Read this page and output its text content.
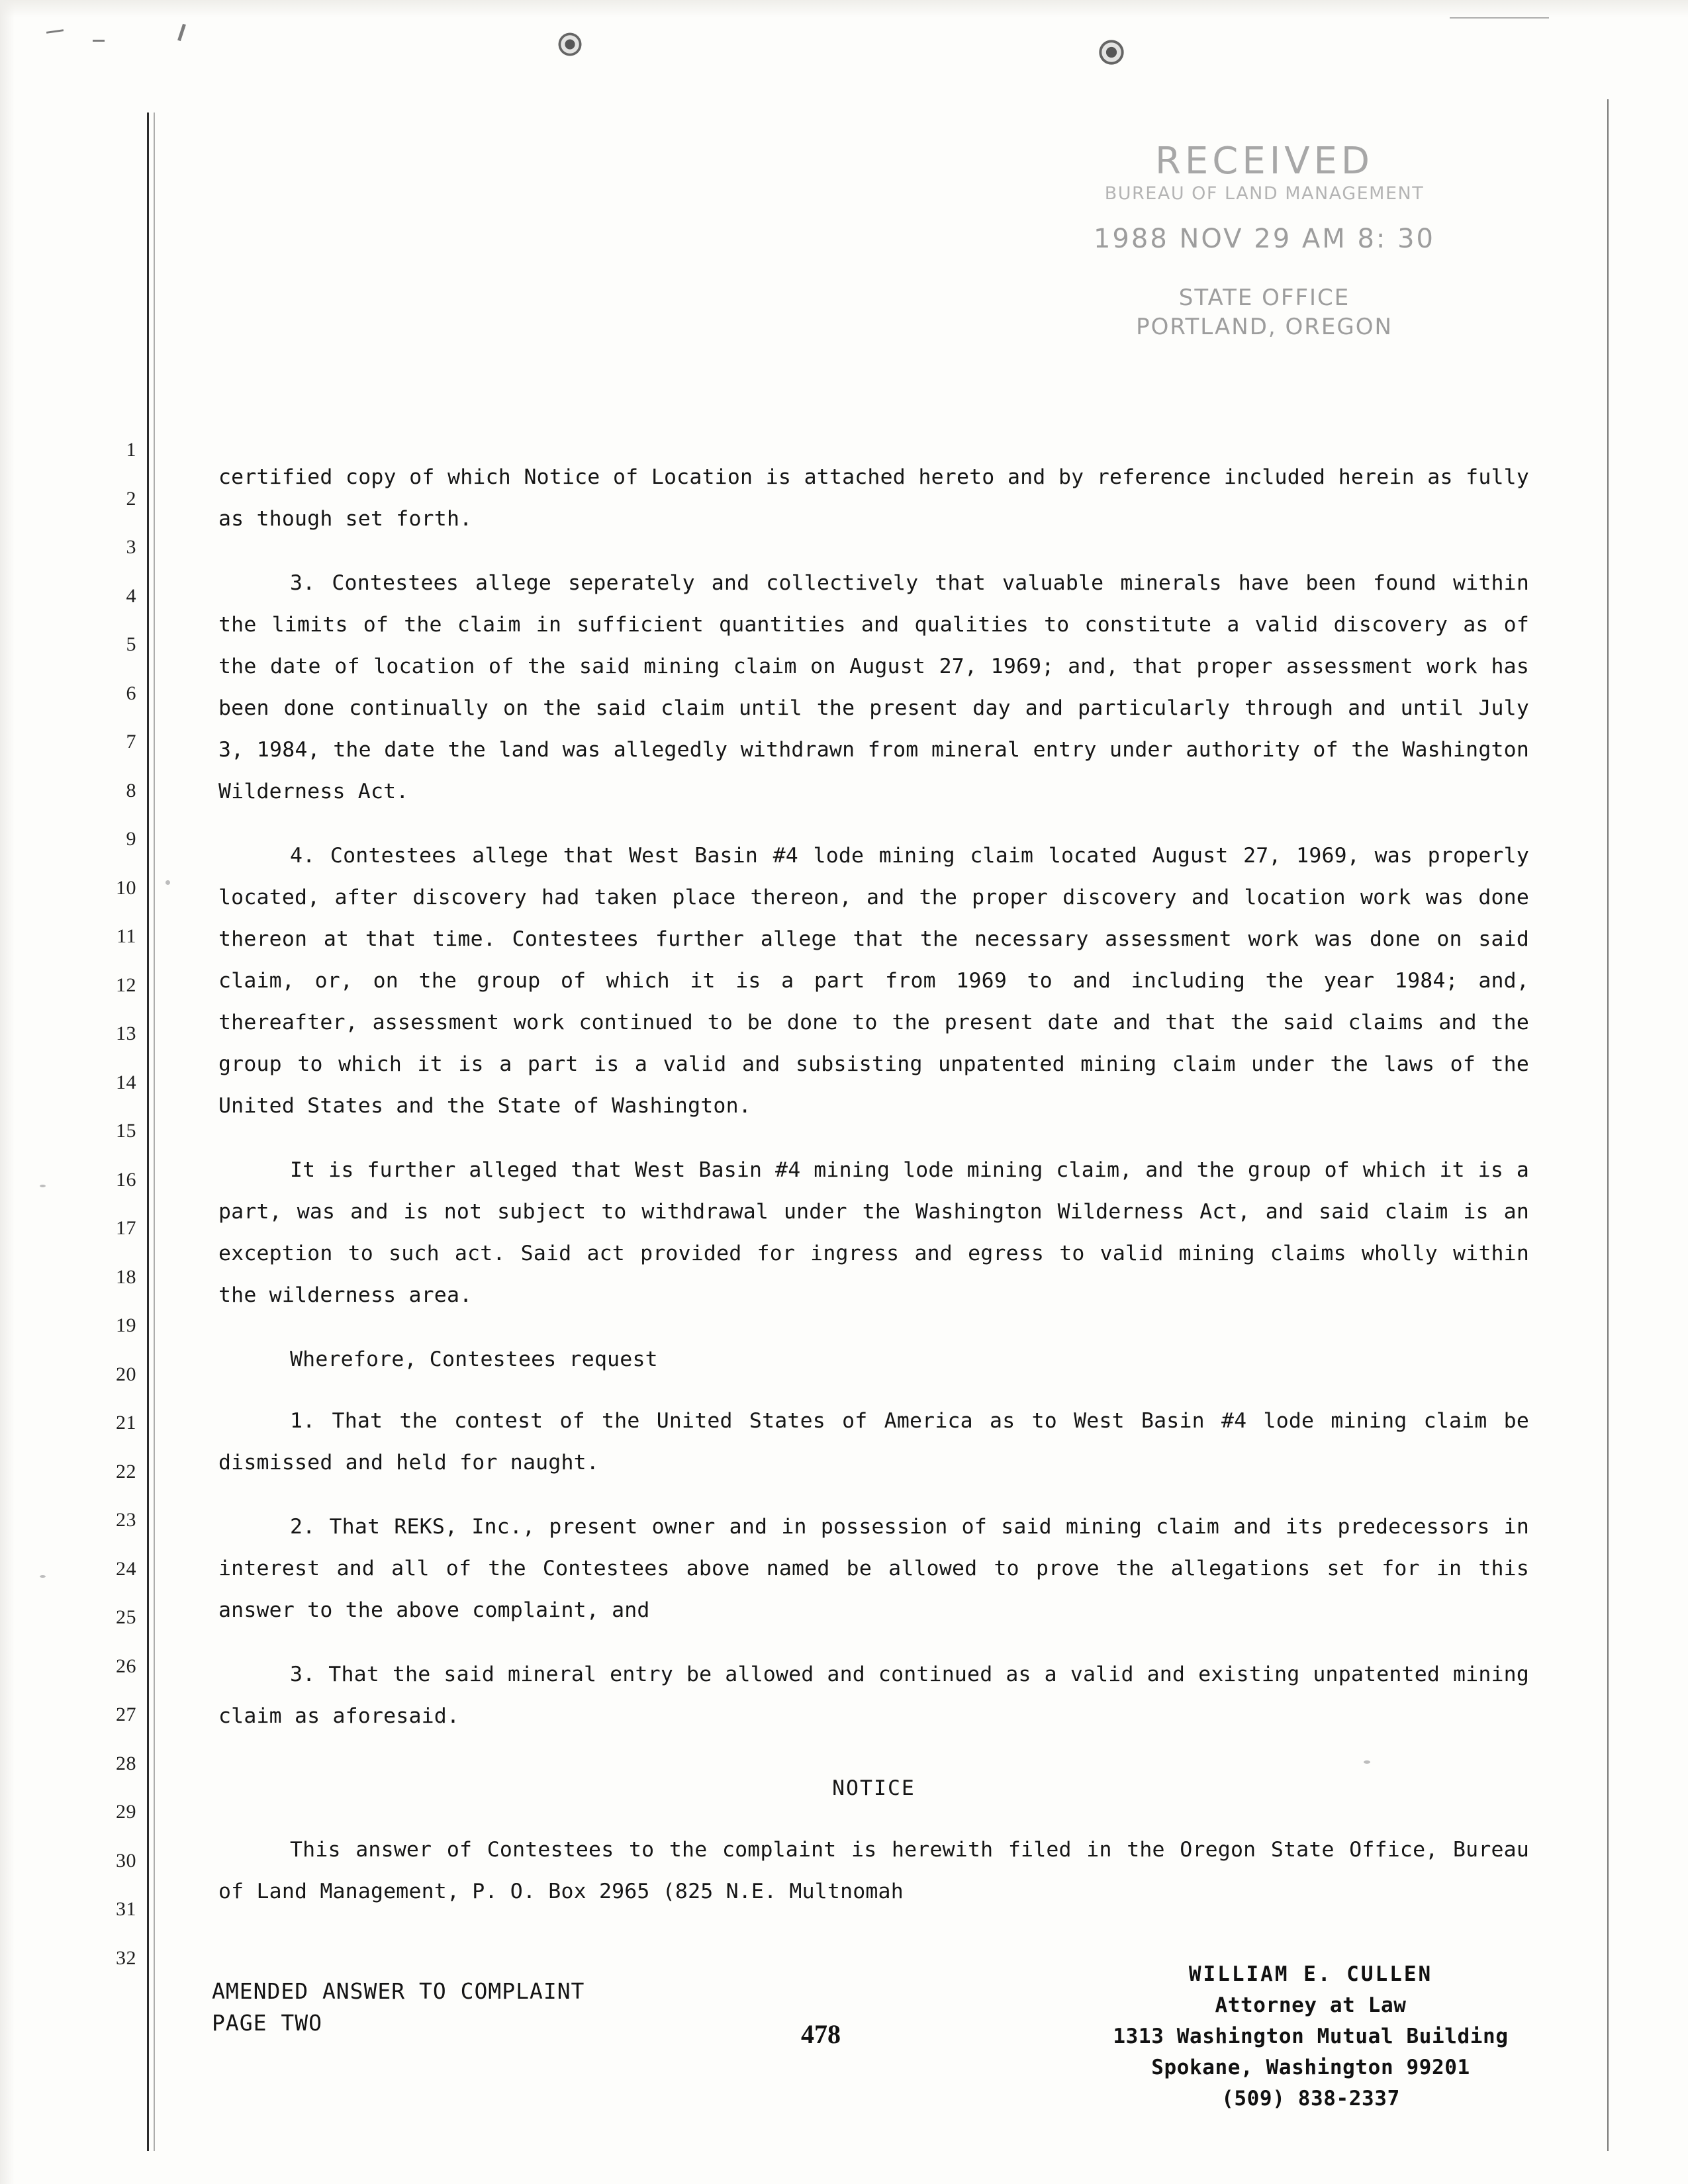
RECEIVED
BUREAU OF LAND MANAGEMENT
1988 NOV 29 AM 8: 30
STATE OFFICE
PORTLAND, OREGON
1
2
3
4
5
6
7
8
9
10
11
12
13
14
15
16
17
18
19
20
21
22
23
24
25
26
27
28
29
30
31
32

certified copy of which Notice of Location is attached hereto and by reference included herein as fully as though set forth.

3. Contestees allege seperately and collectively that valuable minerals have been found within the limits of the claim in sufficient quantities and qualities to constitute a valid discovery as of the date of location of the said mining claim on August 27, 1969; and, that proper assessment work has been done continually on the said claim until the present day and particularly through and until July 3, 1984, the date the land was allegedly withdrawn from mineral entry under authority of the Washington Wilderness Act.

4. Contestees allege that West Basin #4 lode mining claim located August 27, 1969, was properly located, after discovery had taken place thereon, and the proper discovery and location work was done thereon at that time. Contestees further allege that the necessary assessment work was done on said claim, or, on the group of which it is a part from 1969 to and including the year 1984; and, thereafter, assessment work continued to be done to the present date and that the said claims and the group to which it is a part is a valid and subsisting unpatented mining claim under the laws of the United States and the State of Washington.

It is further alleged that West Basin #4 mining lode mining claim, and the group of which it is a part, was and is not subject to withdrawal under the Washington Wilderness Act, and said claim is an exception to such act. Said act provided for ingress and egress to valid mining claims wholly within the wilderness area.

Wherefore, Contestees request

1. That the contest of the United States of America as to West Basin #4 lode mining claim be dismissed and held for naught.

2. That REKS, Inc., present owner and in possession of said mining claim and its predecessors in interest and all of the Contestees above named be allowed to prove the allegations set for in this answer to the above complaint, and

3. That the said mineral entry be allowed and continued as a valid and existing unpatented mining claim as aforesaid.

NOTICE

This answer of Contestees to the complaint is herewith filed in the Oregon State Office, Bureau of Land Management, P. O. Box 2965 (825 N.E. Multnomah

AMENDED ANSWER TO COMPLAINT
PAGE TWO	478
WILLIAM E. CULLEN
Attorney at Law
1313 Washington Mutual Building
Spokane, Washington 99201
(509) 838-2337
